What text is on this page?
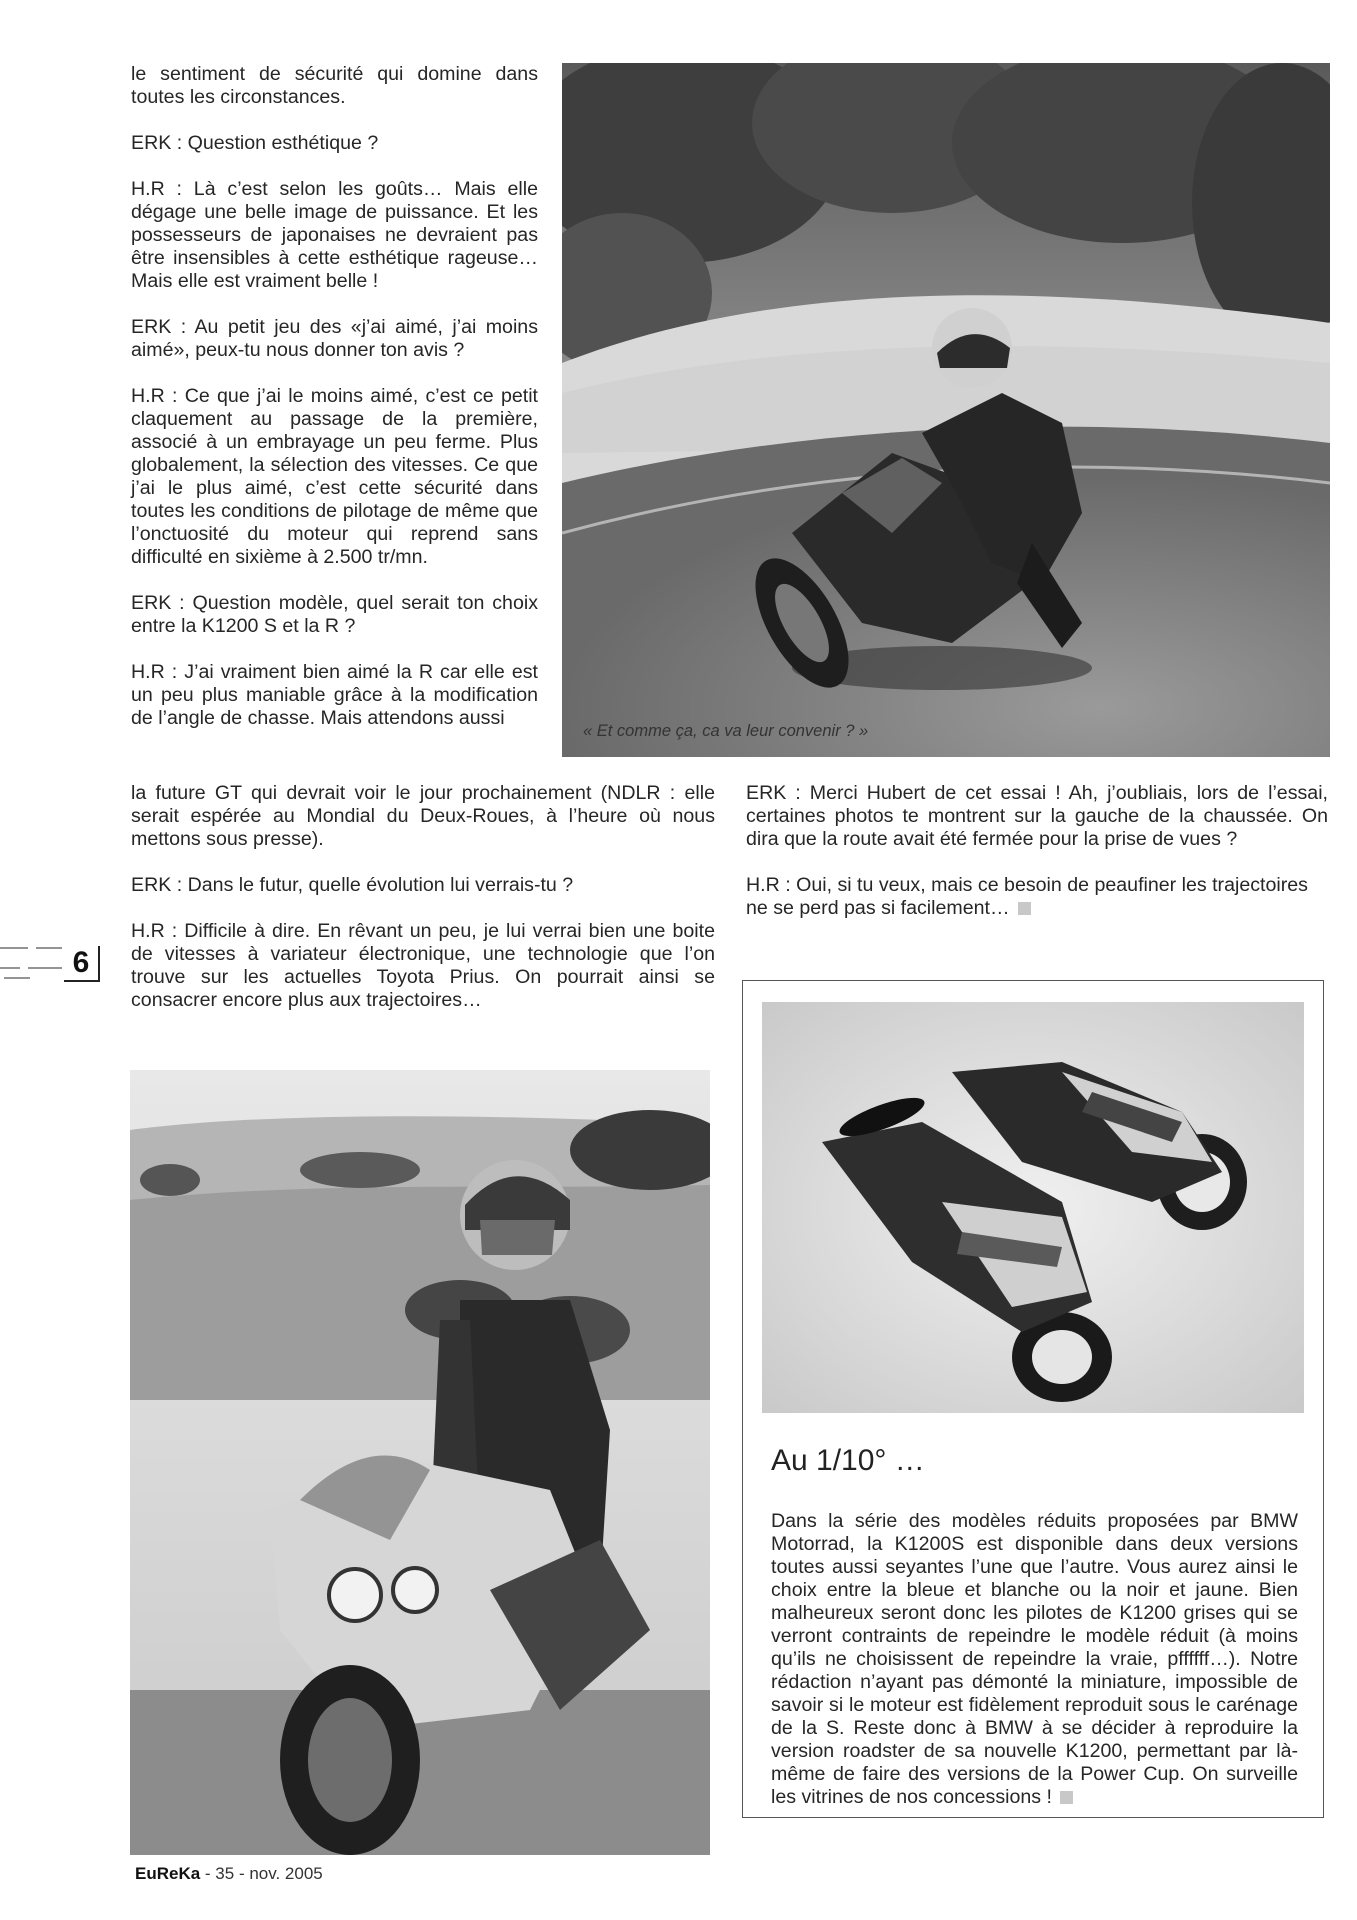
le sentiment de sécurité qui domine dans toutes les circonstances.

ERK : Question esthétique ?

H.R : Là c’est selon les goûts… Mais elle dégage une belle image de puissance. Et les possesseurs de japonaises ne devraient pas être insensibles à cette esthétique rageuse… Mais elle est vraiment belle !

ERK : Au petit jeu des «j’ai aimé, j’ai moins aimé», peux-tu nous donner ton avis ?

H.R : Ce que j’ai le moins aimé, c’est ce petit claquement au passage de la première, associé à un embrayage un peu ferme. Plus globalement, la sélection des vitesses. Ce que j’ai le plus aimé, c’est cette sécurité dans toutes les conditions de pilotage de même que l’onctuosité du moteur qui reprend sans difficulté en sixième à 2.500 tr/mn.

ERK : Question modèle, quel serait ton choix entre la K1200 S et la R ?

H.R : J’ai vraiment bien aimé la R car elle est un peu plus maniable grâce à la modification de l’angle de chasse. Mais attendons aussi

« Et comme ça, ca va leur convenir ? »

la future GT qui devrait voir le jour prochainement (NDLR : elle serait espérée au Mondial du Deux-Roues, à l’heure où nous mettons sous presse).

ERK : Dans le futur, quelle évolution lui verrais-tu ?

H.R : Difficile à dire. En rêvant un peu, je lui verrai bien une boite de vitesses à variateur électronique, une technologie que l’on trouve sur les actuelles Toyota Prius. On pourrait ainsi se consacrer encore plus aux trajectoires…

ERK : Merci Hubert de cet essai ! Ah, j’oubliais, lors de l’essai, certaines photos te montrent sur la gauche de la chaussée. On dira que la route avait été fermée pour la prise de vues ?

H.R : Oui, si tu veux, mais ce besoin de peaufiner les trajectoires ne se perd pas si facilement…

6
Au 1/10° …
Dans la série des modèles réduits proposées par BMW Motorrad, la K1200S est disponible dans deux versions toutes aussi seyantes l’une que l’autre. Vous aurez ainsi le choix entre la bleue et blanche ou la noir et jaune. Bien malheureux seront donc les pilotes de K1200 grises qui se verront contraints de repeindre le modèle réduit (à moins qu’ils ne choisissent de repeindre la vraie, pffffff…). Notre rédaction n’ayant pas démonté la miniature, impossible de savoir si le moteur est fidèlement reproduit sous le carénage de la S. Reste donc à BMW à se décider à reproduire la version roadster de sa nouvelle K1200, permettant par là-même de faire des versions de la Power Cup. On surveille les vitrines de nos concessions !
EuReKa - 35 - nov. 2005
